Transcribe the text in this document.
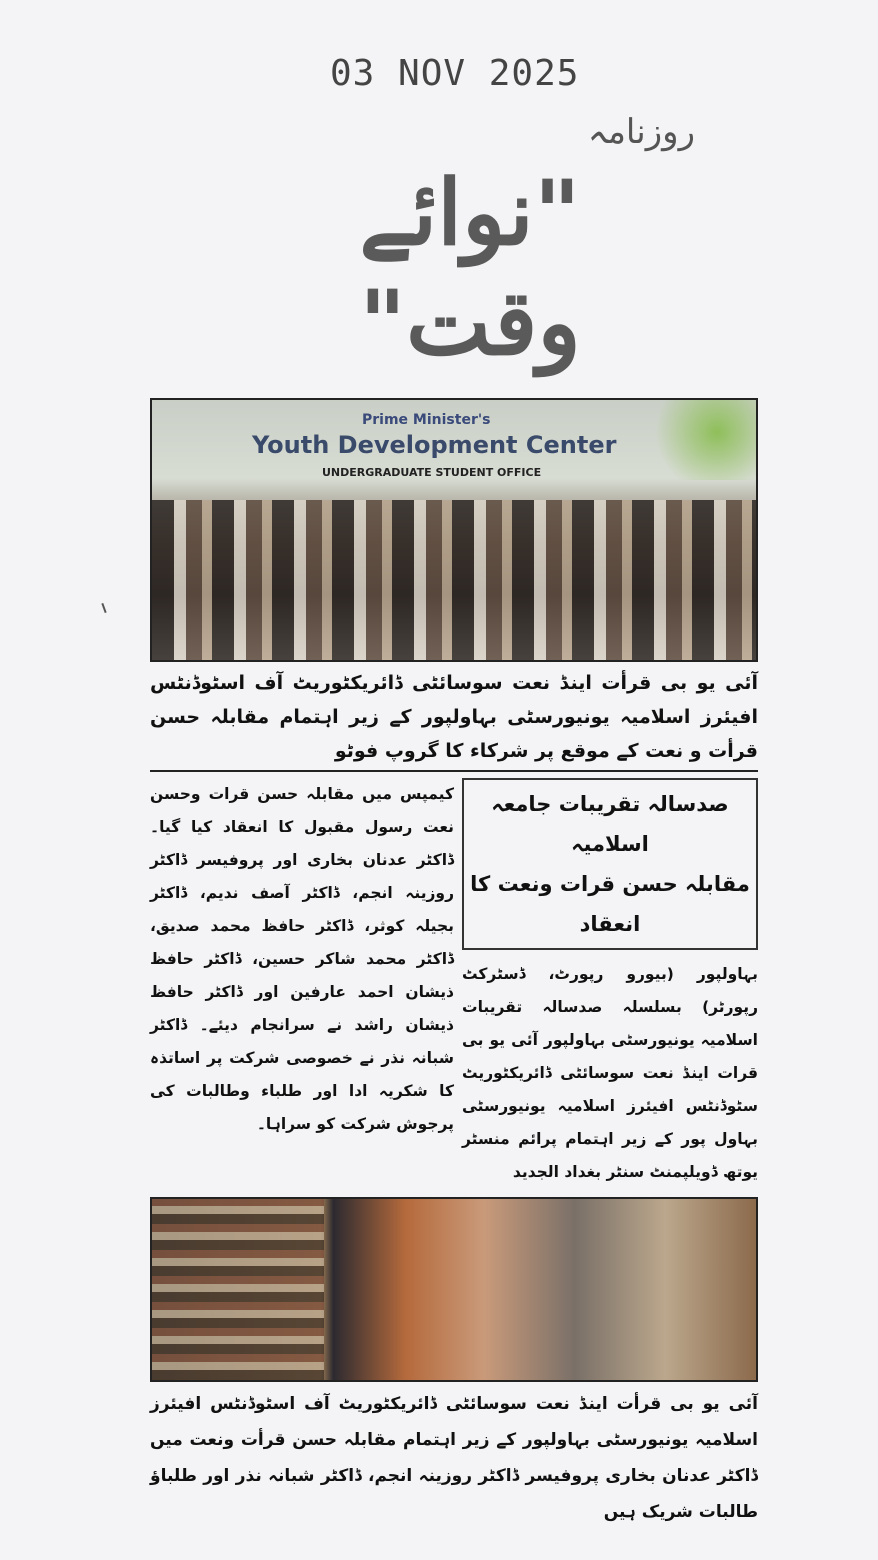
03 NOV 2025
روزنامہ
"نوائے وقت"
Prime Minister's
Youth Development Center
UNDERGRADUATE STUDENT OFFICE
آئی یو بی قرأت اینڈ نعت سوسائٹی ڈائریکٹوریٹ آف اسٹوڈنٹس افیئرز اسلامیہ یونیورسٹی بہاولپور کے زیر اہتمام مقابلہ حسن قرأت و نعت کے موقع پر شرکاء کا گروپ فوٹو
صدسالہ تقریبات جامعہ اسلامیہ
مقابلہ حسن قرات ونعت کا انعقاد
بہاولپور (بیورو رپورٹ، ڈسٹرکٹ رپورٹر) بسلسلہ صدسالہ تقریبات اسلامیہ یونیورسٹی بہاولپور آئی یو بی قرات اینڈ نعت سوسائٹی ڈائریکٹوریٹ سٹوڈنٹس افیئرز اسلامیہ یونیورسٹی بہاول پور کے زیر اہتمام پرائم منسٹر یوتھ ڈویلپمنٹ سنٹر بغداد الجدید
کیمپس میں مقابلہ حسن قرات وحسن نعت رسول مقبول کا انعقاد کیا گیا۔ ڈاکٹر عدنان بخاری اور پروفیسر ڈاکٹر روزینہ انجم، ڈاکٹر آصف ندیم، ڈاکٹر بجیلہ کوثر، ڈاکٹر حافظ محمد صدیق، ڈاکٹر محمد شاکر حسین، ڈاکٹر حافظ ذیشان احمد عارفین اور ڈاکٹر حافظ ذیشان راشد نے سرانجام دیئے۔ ڈاکٹر شبانہ نذر نے خصوصی شرکت پر اساتذہ کا شکریہ ادا اور طلباء وطالبات کی پرجوش شرکت کو سراہا۔
آئی یو بی قرأت اینڈ نعت سوسائٹی ڈائریکٹوریٹ آف اسٹوڈنٹس افیئرز اسلامیہ یونیورسٹی بہاولپور کے زیر اہتمام مقابلہ حسن قرأت ونعت میں ڈاکٹر عدنان بخاری پروفیسر ڈاکٹر روزینہ انجم، ڈاکٹر شبانہ نذر اور طلباؤ طالبات شریک ہیں
